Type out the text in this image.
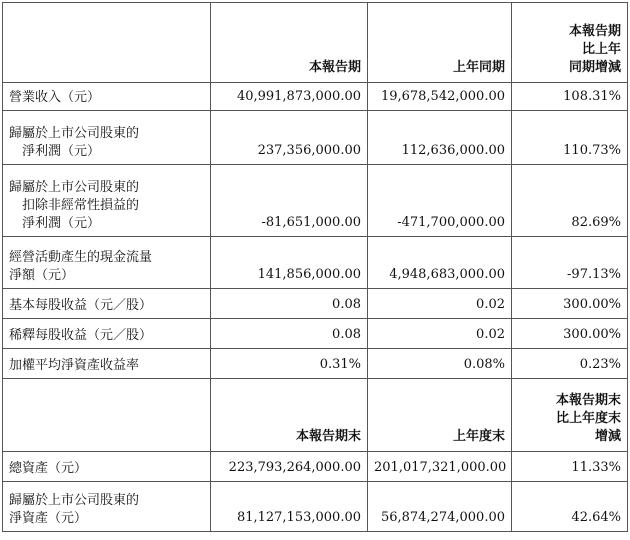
	本報告期	上年同期	本報告期
比上年
同期增減

營業收入（元）	40,991,873,000.00	19,678,542,000.00	108.31%

歸屬於上市公司股東的
淨利潤（元）	237,356,000.00	112,636,000.00	110.73%

歸屬於上市公司股東的
扣除非經常性損益的
淨利潤（元）	-81,651,000.00	-471,700,000.00	82.69%

經營活動產生的現金流量
淨額（元）	141,856,000.00	4,948,683,000.00	-97.13%

基本每股收益（元／股）	0.08	0.02	300.00%

稀釋每股收益（元／股）	0.08	0.02	300.00%

加權平均淨資產收益率	0.31%	0.08%	0.23%
	本報告期末	上年度末	本報告期末
比上年度末
增減

總資產（元）	223,793,264,000.00	201,017,321,000.00	11.33%

歸屬於上市公司股東的
淨資產（元）	81,127,153,000.00	56,874,274,000.00	42.64%
